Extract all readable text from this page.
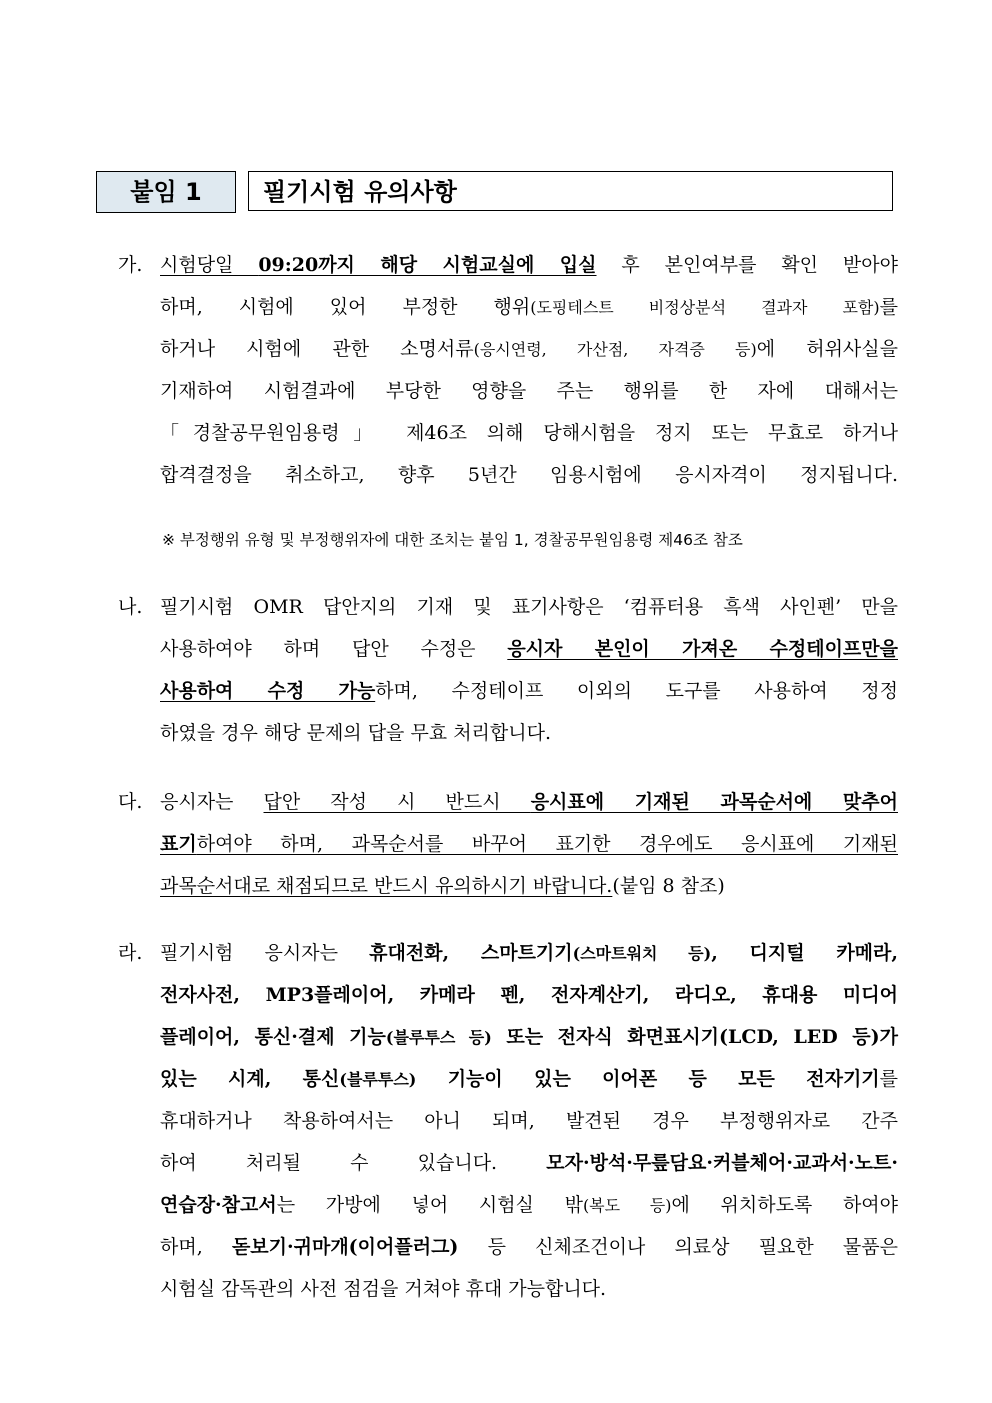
붙임 1	필기시험 유의사항
가. 시험당일 09:20까지 해당 시험교실에 입실 후 본인여부를 확인 받아야
하며, 시험에 있어 부정한 행위(도핑테스트 비정상분석 결과자 포함)를
하거나 시험에 관한 소명서류(응시연령, 가산점, 자격증 등)에 허위사실을
기재하여 시험결과에 부당한 영향을 주는 행위를 한 자에 대해서는
「경찰공무원임용령」 제46조 의해 당해시험을 정지 또는 무효로 하거나
합격결정을 취소하고, 향후 5년간 임용시험에 응시자격이 정지됩니다.
※ 부정행위 유형 및 부정행위자에 대한 조치는 붙임 1, 경찰공무원임용령 제46조 참조
나. 필기시험 OMR 답안지의 기재 및 표기사항은 ‘컴퓨터용 흑색 사인펜’ 만을
사용하여야 하며 답안 수정은 응시자 본인이 가져온 수정테이프만을
사용하여 수정 가능하며, 수정테이프 이외의 도구를 사용하여 정정
하였을 경우 해당 문제의 답을 무효 처리합니다.
다. 응시자는 답안 작성 시 반드시 응시표에 기재된 과목순서에 맞추어
표기하여야 하며, 과목순서를 바꾸어 표기한 경우에도 응시표에 기재된
과목순서대로 채점되므로 반드시 유의하시기 바랍니다.(붙임 8 참조)
라. 필기시험 응시자는 휴대전화, 스마트기기(스마트워치 등), 디지털 카메라,
전자사전, MP3플레이어, 카메라 펜, 전자계산기, 라디오, 휴대용 미디어
플레이어, 통신·결제 기능(블루투스 등) 또는 전자식 화면표시기(LCD, LED 등)가
있는 시계, 통신(블루투스) 기능이 있는 이어폰 등 모든 전자기기를
휴대하거나 착용하여서는 아니 되며, 발견된 경우 부정행위자로 간주
하여 처리될 수 있습니다. 모자·방석·무릎담요·커블체어·교과서·노트·
연습장·참고서는 가방에 넣어 시험실 밖(복도 등)에 위치하도록 하여야
하며, 돋보기·귀마개(이어플러그) 등 신체조건이나 의료상 필요한 물품은
시험실 감독관의 사전 점검을 거쳐야 휴대 가능합니다.
